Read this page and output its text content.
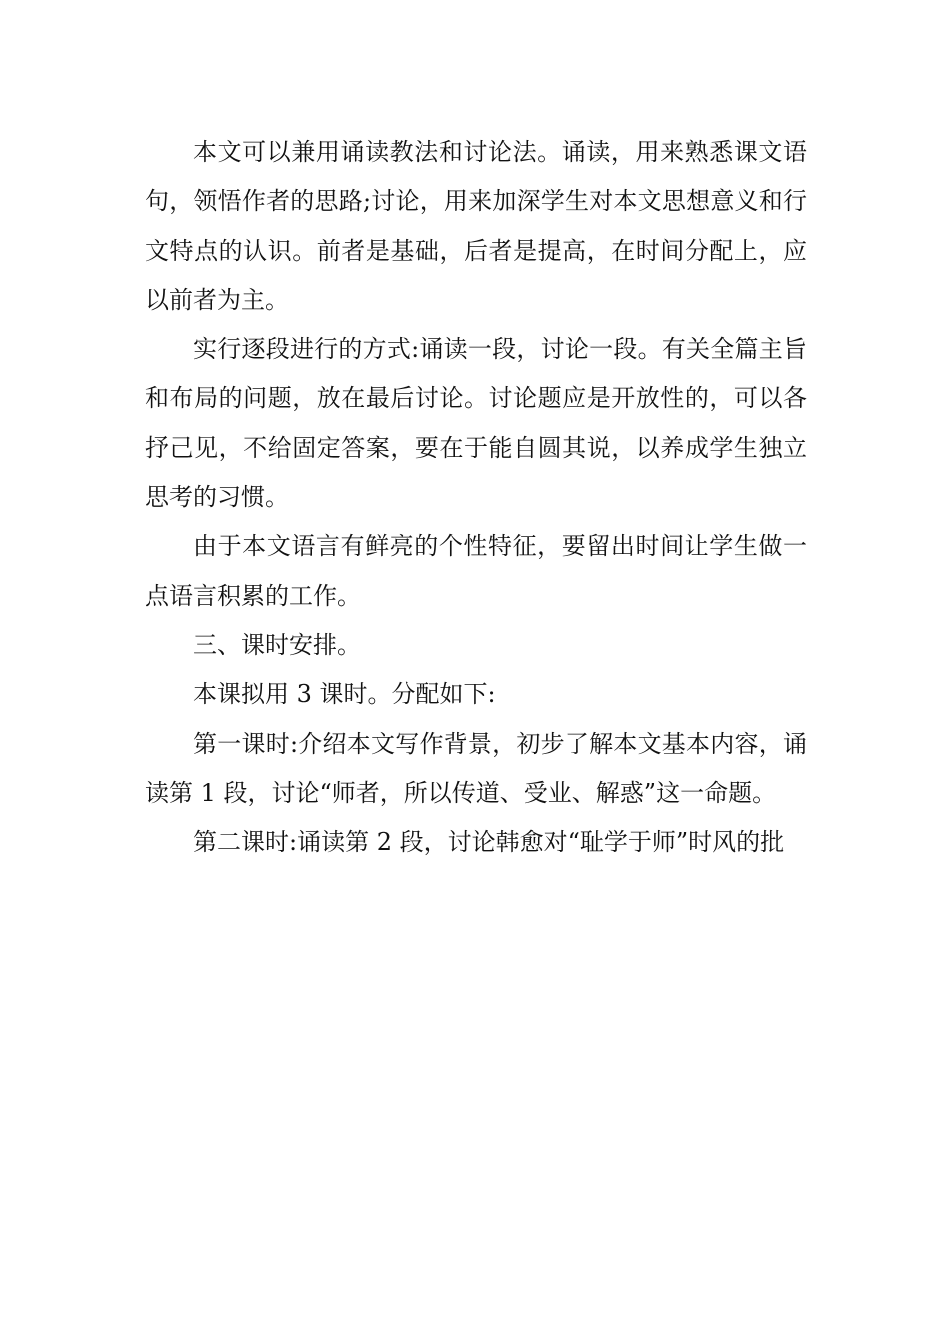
本文可以兼用诵读教法和讨论法。诵读，用来熟悉课文语句，领悟作者的思路;讨论，用来加深学生对本文思想意义和行文特点的认识。前者是基础，后者是提高，在时间分配上，应以前者为主。

实行逐段进行的方式:诵读一段，讨论一段。有关全篇主旨和布局的问题，放在最后讨论。讨论题应是开放性的，可以各抒己见，不给固定答案，要在于能自圆其说，以养成学生独立思考的习惯。

由于本文语言有鲜亮的个性特征，要留出时间让学生做一点语言积累的工作。

三、课时安排。

本课拟用 3 课时。分配如下:

第一课时:介绍本文写作背景，初步了解本文基本内容，诵读第 1 段，讨论“师者，所以传道、受业、解惑”这一命题。

第二课时:诵读第 2 段，讨论韩愈对“耻学于师”时风的批
